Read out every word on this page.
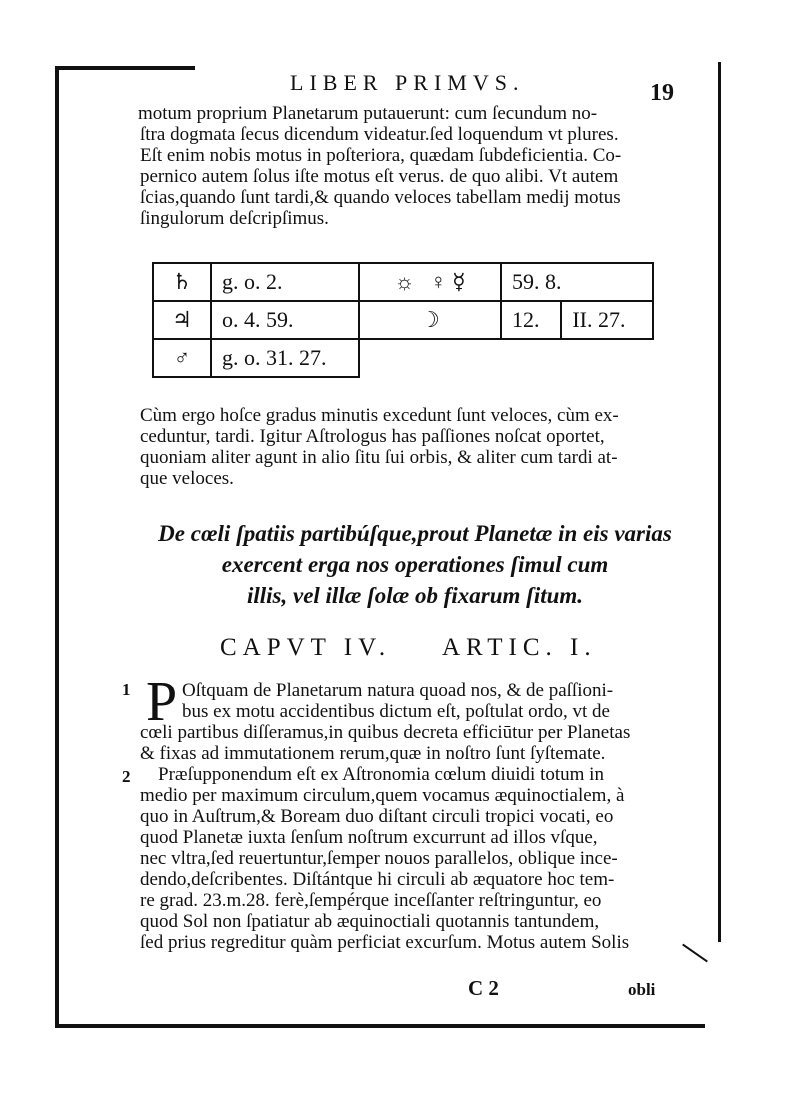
LIBER PRIMVS.	19
motum proprium Planetarum putauerunt: cum ſecundum no-
ſtra dogmata ſecus dicendum videatur.ſed loquendum vt plures.
Eſt enim nobis motus in poſteriora, quædam ſubdeficientia. Co-
pernico autem ſolus iſte motus eſt verus. de quo alibi. Vt autem
ſcias,quando ſunt tardi,& quando veloces tabellam medij motus
ſingulorum deſcripſimus.
♄	g. o. 2.	☼ ♀ ☿	59. 8.	
♃	o. 4. 59.	☽	12.	II. 27.
♂	g. o. 31. 27.			
Cùm ergo hoſce gradus minutis excedunt ſunt veloces, cùm ex-
ceduntur, tardi. Igitur Aſtrologus has paſſiones noſcat oportet,
quoniam aliter agunt in alio ſitu ſui orbis, & aliter cum tardi at-
que veloces.
De cœli ſpatiis partibúſque,prout Planetæ in eis varias
exercent erga nos operationes ſimul cum
illis, vel illæ ſolæ ob fixarum ſitum.
CAPVT IV. ARTIC. I.
1
2
P Oſtquam de Planetarum natura quoad nos, & de paſſioni-
bus ex motu accidentibus dictum eſt, poſtulat ordo, vt de
cœli partibus diſſeramus,in quibus decreta efficiūtur per Planetas
& fixas ad immutationem rerum,quæ in noſtro ſunt ſyſtemate.
Præſupponendum eſt ex Aſtronomia cœlum diuidi totum in
medio per maximum circulum,quem vocamus æquinoctialem, à
quo in Auſtrum,& Boream duo diſtant circuli tropici vocati, eo
quod Planetæ iuxta ſenſum noſtrum excurrunt ad illos vſque,
nec vltra,ſed reuertuntur,ſemper nouos parallelos, oblique ince-
dendo,deſcribentes. Diſtántque hi circuli ab æquatore hoc tem-
re grad. 23.m.28. ferè,ſempérque inceſſanter reſtringuntur, eo
quod Sol non ſpatiatur ab æquinoctiali quotannis tantundem,
ſed prius regreditur quàm perficiat excurſum. Motus autem Solis
C 2	obli
